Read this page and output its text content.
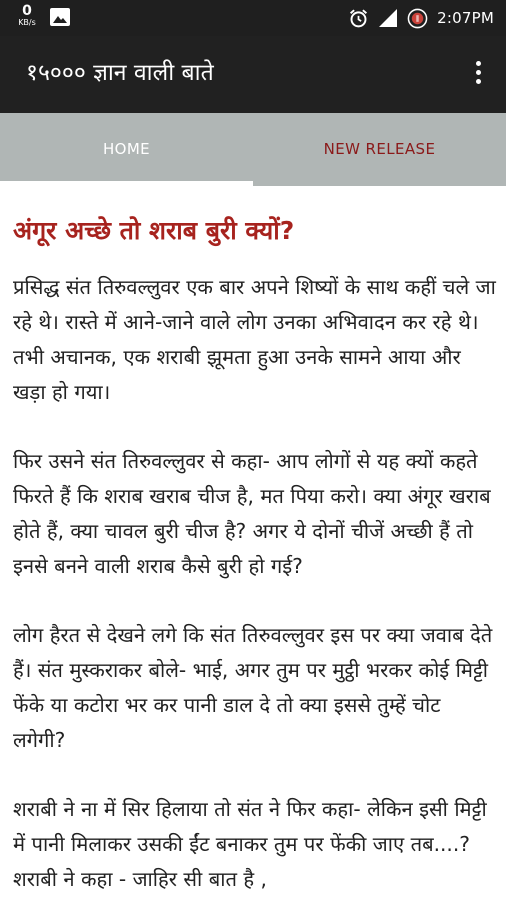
0
KB/s	2:07PM
१५००० ज्ञान वाली बाते
HOME	NEW RELEASE
अंगूर अच्छे तो शराब बुरी क्यों?

प्रसिद्ध संत तिरुवल्लुवर एक बार अपने शिष्यों के साथ कहीं चले जा रहे थे। रास्ते में आने-जाने वाले लोग उनका अभिवादन कर रहे थे। तभी अचानक, एक शराबी झूमता हुआ उनके सामने आया और खड़ा हो गया।

फिर उसने संत तिरुवल्लुवर से कहा- आप लोगों से यह क्यों कहते फिरते हैं कि शराब खराब चीज है, मत पिया करो। क्या अंगूर खराब होते हैं, क्या चावल बुरी चीज है? अगर ये दोनों चीजें अच्छी हैं तो इनसे बनने वाली शराब कैसे बुरी हो गई?

लोग हैरत से देखने लगे कि संत तिरुवल्लुवर इस पर क्या जवाब देते हैं। संत मुस्कराकर बोले- भाई, अगर तुम पर मुट्ठी भरकर कोई मिट्टी फेंके या कटोरा भर कर पानी डाल दे तो क्या इससे तुम्हें चोट लगेगी?

शराबी ने ना में सिर हिलाया तो संत ने फिर कहा- लेकिन इसी मिट्टी में पानी मिलाकर उसकी ईंट बनाकर तुम पर फेंकी जाए तब....? शराबी ने कहा - जाहिर सी बात है ,
